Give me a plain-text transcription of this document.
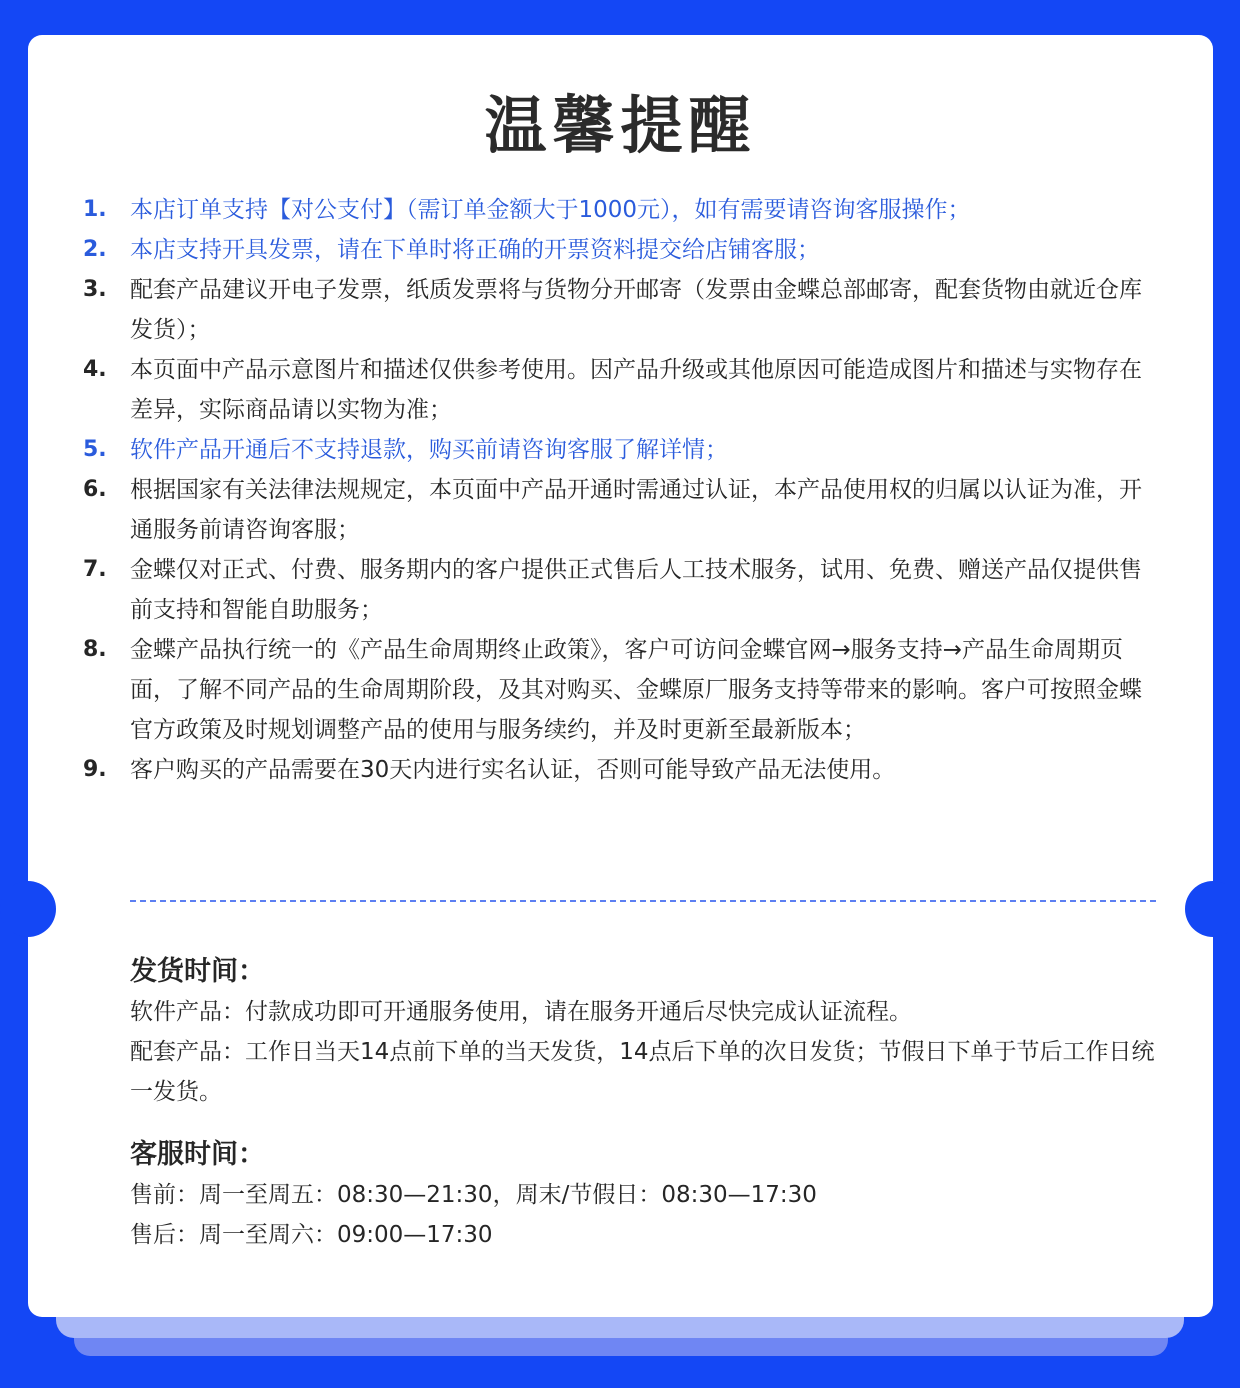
温馨提醒
1.	本店订单支持【对公支付】（需订单金额大于1000元），如有需要请咨询客服操作；
2.	本店支持开具发票，请在下单时将正确的开票资料提交给店铺客服；
3.	配套产品建议开电子发票，纸质发票将与货物分开邮寄（发票由金蝶总部邮寄，配套货物由就近仓库发货）；
4.	本页面中产品示意图片和描述仅供参考使用。因产品升级或其他原因可能造成图片和描述与实物存在差异，实际商品请以实物为准；
5.	软件产品开通后不支持退款，购买前请咨询客服了解详情；
6.	根据国家有关法律法规规定，本页面中产品开通时需通过认证，本产品使用权的归属以认证为准，开通服务前请咨询客服；
7.	金蝶仅对正式、付费、服务期内的客户提供正式售后人工技术服务，试用、免费、赠送产品仅提供售前支持和智能自助服务；
8.	金蝶产品执行统一的《产品生命周期终止政策》，客户可访问金蝶官网→服务支持→产品生命周期页面，了解不同产品的生命周期阶段，及其对购买、金蝶原厂服务支持等带来的影响。客户可按照金蝶官方政策及时规划调整产品的使用与服务续约，并及时更新至最新版本；
9.	客户购买的产品需要在30天内进行实名认证，否则可能导致产品无法使用。

发货时间：

软件产品：付款成功即可开通服务使用，请在服务开通后尽快完成认证流程。

配套产品：工作日当天14点前下单的当天发货，14点后下单的次日发货；节假日下单于节后工作日统一发货。

客服时间：

售前：周一至周五：08:30—21:30，周末/节假日：08:30—17:30

售后：周一至周六：09:00—17:30
